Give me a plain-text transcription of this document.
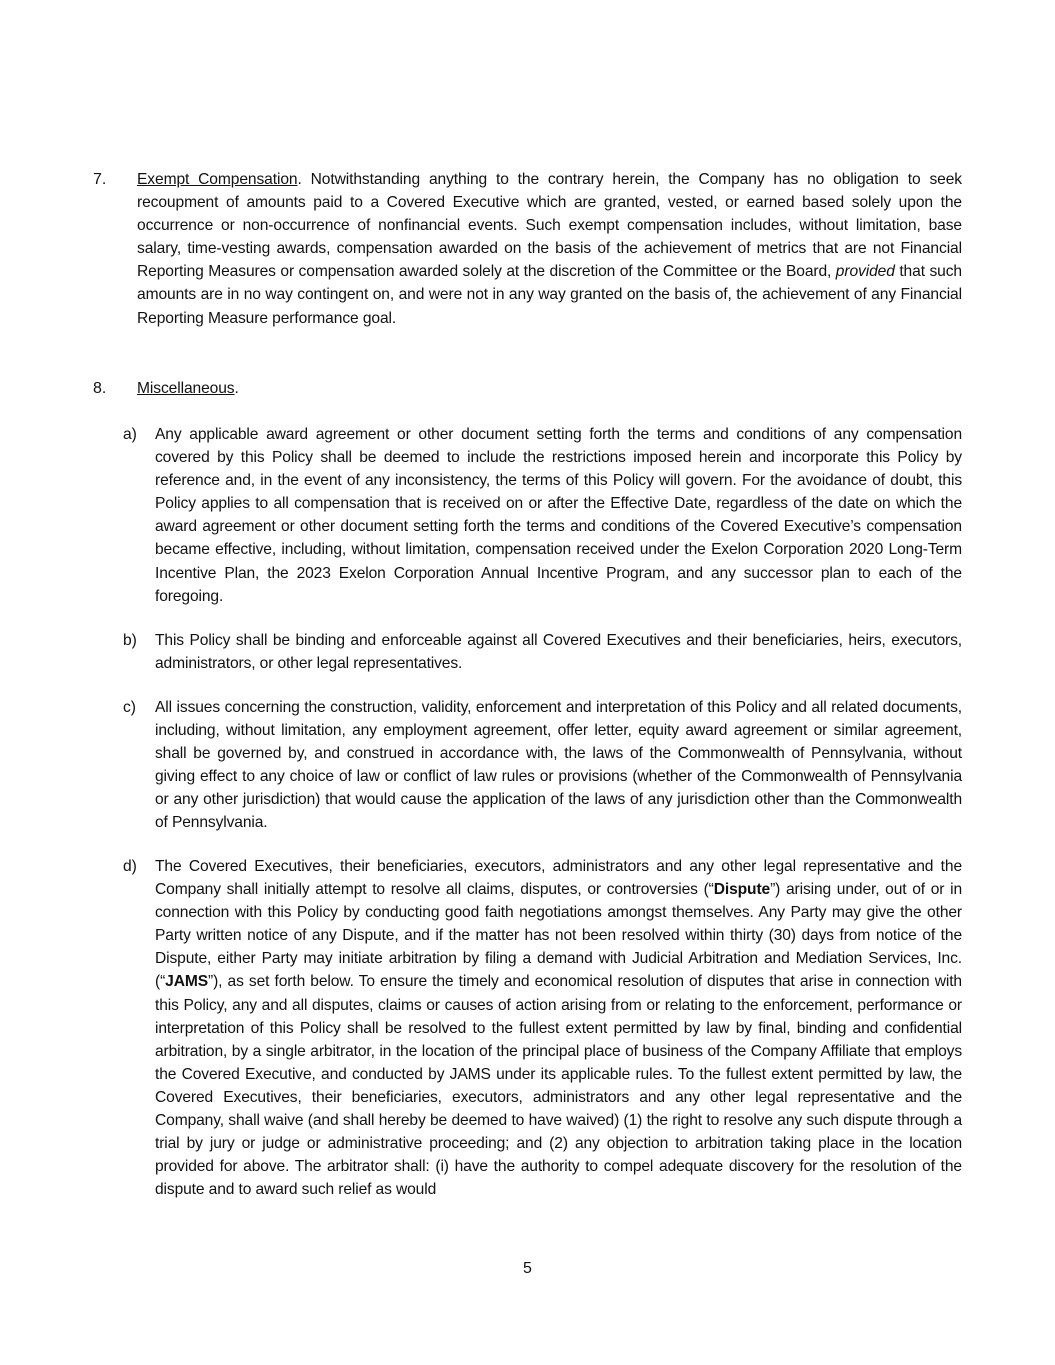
7. Exempt Compensation. Notwithstanding anything to the contrary herein, the Company has no obligation to seek recoupment of amounts paid to a Covered Executive which are granted, vested, or earned based solely upon the occurrence or non-occurrence of nonfinancial events. Such exempt compensation includes, without limitation, base salary, time-vesting awards, compensation awarded on the basis of the achievement of metrics that are not Financial Reporting Measures or compensation awarded solely at the discretion of the Committee or the Board, provided that such amounts are in no way contingent on, and were not in any way granted on the basis of, the achievement of any Financial Reporting Measure performance goal.
8. Miscellaneous.
a) Any applicable award agreement or other document setting forth the terms and conditions of any compensation covered by this Policy shall be deemed to include the restrictions imposed herein and incorporate this Policy by reference and, in the event of any inconsistency, the terms of this Policy will govern. For the avoidance of doubt, this Policy applies to all compensation that is received on or after the Effective Date, regardless of the date on which the award agreement or other document setting forth the terms and conditions of the Covered Executive’s compensation became effective, including, without limitation, compensation received under the Exelon Corporation 2020 Long-Term Incentive Plan, the 2023 Exelon Corporation Annual Incentive Program, and any successor plan to each of the foregoing.
b) This Policy shall be binding and enforceable against all Covered Executives and their beneficiaries, heirs, executors, administrators, or other legal representatives.
c) All issues concerning the construction, validity, enforcement and interpretation of this Policy and all related documents, including, without limitation, any employment agreement, offer letter, equity award agreement or similar agreement, shall be governed by, and construed in accordance with, the laws of the Commonwealth of Pennsylvania, without giving effect to any choice of law or conflict of law rules or provisions (whether of the Commonwealth of Pennsylvania or any other jurisdiction) that would cause the application of the laws of any jurisdiction other than the Commonwealth of Pennsylvania.
d) The Covered Executives, their beneficiaries, executors, administrators and any other legal representative and the Company shall initially attempt to resolve all claims, disputes, or controversies (“Dispute”) arising under, out of or in connection with this Policy by conducting good faith negotiations amongst themselves. Any Party may give the other Party written notice of any Dispute, and if the matter has not been resolved within thirty (30) days from notice of the Dispute, either Party may initiate arbitration by filing a demand with Judicial Arbitration and Mediation Services, Inc. (“JAMS”), as set forth below. To ensure the timely and economical resolution of disputes that arise in connection with this Policy, any and all disputes, claims or causes of action arising from or relating to the enforcement, performance or interpretation of this Policy shall be resolved to the fullest extent permitted by law by final, binding and confidential arbitration, by a single arbitrator, in the location of the principal place of business of the Company Affiliate that employs the Covered Executive, and conducted by JAMS under its applicable rules. To the fullest extent permitted by law, the Covered Executives, their beneficiaries, executors, administrators and any other legal representative and the Company, shall waive (and shall hereby be deemed to have waived) (1) the right to resolve any such dispute through a trial by jury or judge or administrative proceeding; and (2) any objection to arbitration taking place in the location provided for above. The arbitrator shall: (i) have the authority to compel adequate discovery for the resolution of the dispute and to award such relief as would
5
